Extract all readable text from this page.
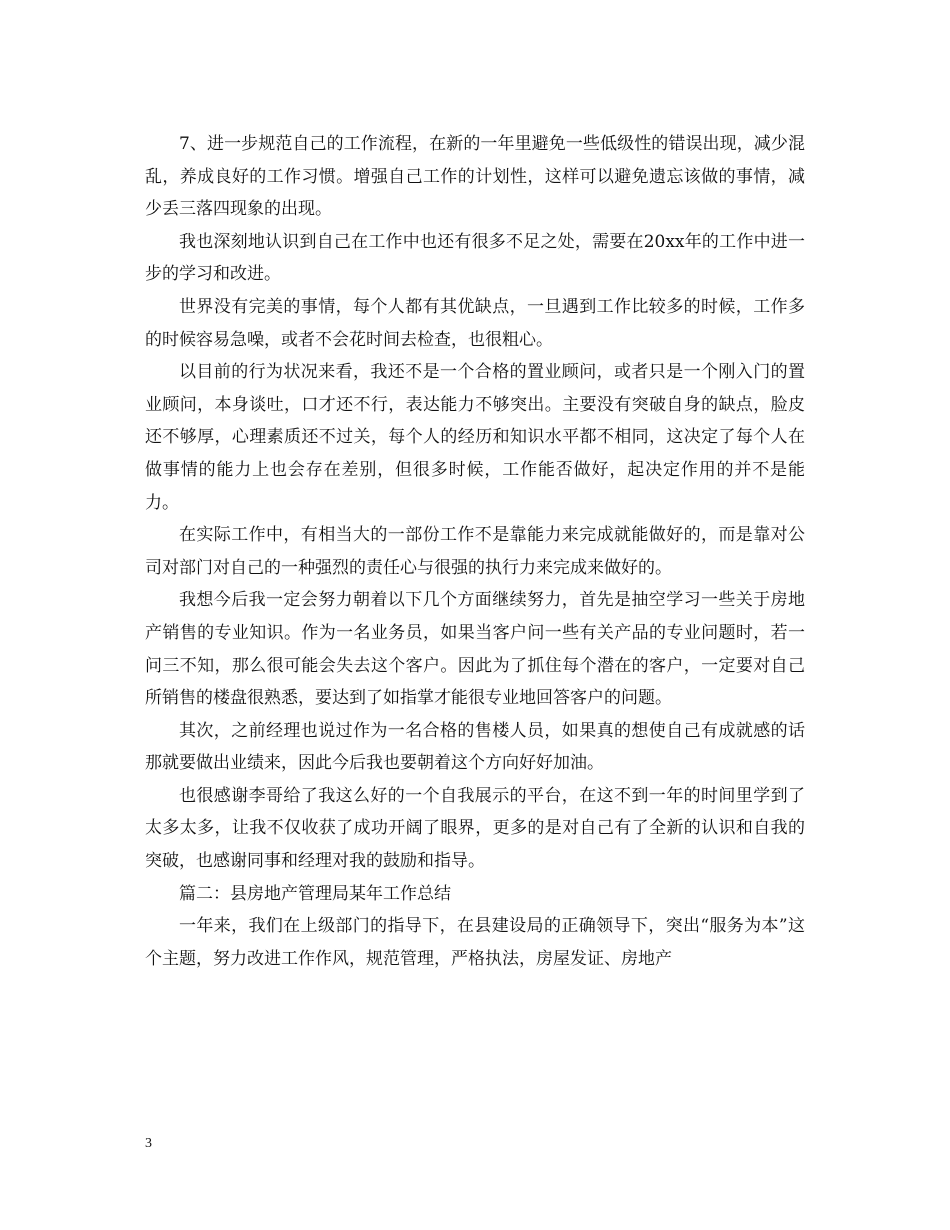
7、进一步规范自己的工作流程，在新的一年里避免一些低级性的错误出现，减少混乱，养成良好的工作习惯。增强自己工作的计划性，这样可以避免遗忘该做的事情，减少丢三落四现象的出现。

我也深刻地认识到自己在工作中也还有很多不足之处，需要在20xx年的工作中进一步的学习和改进。

世界没有完美的事情，每个人都有其优缺点，一旦遇到工作比较多的时候，工作多的时候容易急噪，或者不会花时间去检查，也很粗心。

以目前的行为状况来看，我还不是一个合格的置业顾问，或者只是一个刚入门的置业顾问，本身谈吐，口才还不行，表达能力不够突出。主要没有突破自身的缺点，脸皮还不够厚，心理素质还不过关，每个人的经历和知识水平都不相同，这决定了每个人在做事情的能力上也会存在差别，但很多时候，工作能否做好，起决定作用的并不是能力。

在实际工作中，有相当大的一部份工作不是靠能力来完成就能做好的，而是靠对公司对部门对自己的一种强烈的责任心与很强的执行力来完成来做好的。

我想今后我一定会努力朝着以下几个方面继续努力，首先是抽空学习一些关于房地产销售的专业知识。作为一名业务员，如果当客户问一些有关产品的专业问题时，若一问三不知，那么很可能会失去这个客户。因此为了抓住每个潜在的客户，一定要对自己所销售的楼盘很熟悉，要达到了如指掌才能很专业地回答客户的问题。

其次，之前经理也说过作为一名合格的售楼人员，如果真的想使自己有成就感的话那就要做出业绩来，因此今后我也要朝着这个方向好好加油。

也很感谢李哥给了我这么好的一个自我展示的平台，在这不到一年的时间里学到了太多太多，让我不仅收获了成功开阔了眼界，更多的是对自己有了全新的认识和自我的突破，也感谢同事和经理对我的鼓励和指导。

篇二：县房地产管理局某年工作总结

一年来，我们在上级部门的指导下，在县建设局的正确领导下，突出“服务为本”这个主题，努力改进工作作风，规范管理，严格执法，房屋发证、房地产

3
